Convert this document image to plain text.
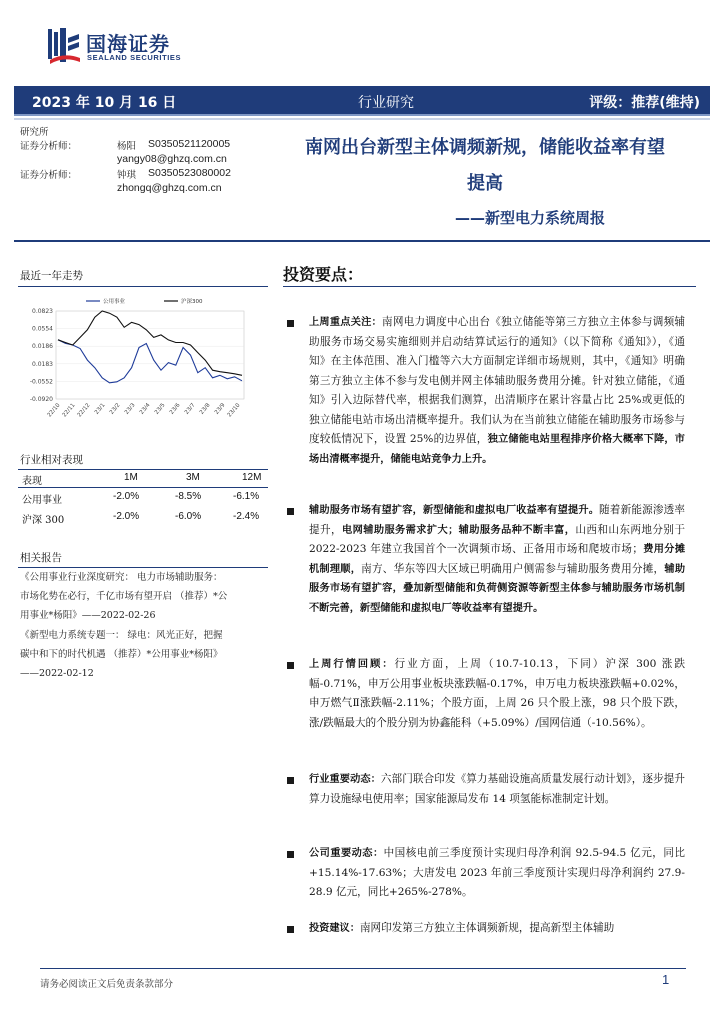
国海证券
SEALAND SECURITIES
2023 年 10 月 16 日	行业研究	评级：推荐(维持)
研究所
证券分析师：	杨阳 S0350521120005
yangy08@ghzq.com.cn
证券分析师：	钟琪 S0350523080002
zhongq@ghzq.com.cn
南网出台新型主体调频新规，储能收益率有望
提高
——新型电力系统周报
最近一年走势
0.0823
0.0554
0.0186
0.0183
-0.0552
-0.0920
22/10 22/11 22/12 23/1 23/2 23/3 23/4 23/5 23/6 23/7 23/8 23/9 23/10
公用事业	沪深300
行业相对表现
表现	1M	3M	12M
公用事业	-2.0%	-8.5%	-6.1%
沪深 300	-2.0%	-6.0%	-2.4%
相关报告
《公用事业行业深度研究： 电力市场辅助服务：
市场化势在必行，千亿市场有望开启 （推荐）*公
用事业*杨阳》——2022-02-26
《新型电力系统专题一： 绿电：风光正好，把握
碳中和下的时代机遇 （推荐）*公用事业*杨阳》
——2022-02-12
投资要点：
上周重点关注：南网电力调度中心出台《独立储能等第三方独立主体参与调频辅助服务市场交易实施细则并启动结算试运行的通知》（以下简称《通知》），《通知》在主体范围、准入门槛等六大方面制定详细市场规则，其中，《通知》明确第三方独立主体不参与发电侧并网主体辅助服务费用分摊。针对独立储能，《通知》引入边际替代率，根据我们测算，出清顺序在累计容量占比 25%或更低的独立储能电站市场出清概率提升。我们认为在当前独立储能在辅助服务市场参与度较低情况下，设置 25%的边界值，独立储能电站里程排序价格大概率下降，市场出清概率提升，储能电站竞争力上升。
辅助服务市场有望扩容，新型储能和虚拟电厂收益率有望提升。随着新能源渗透率提升，电网辅助服务需求扩大；辅助服务品种不断丰富，山西和山东两地分别于 2022-2023 年建立我国首个一次调频市场、正备用市场和爬坡市场；费用分摊机制理顺，南方、华东等四大区域已明确用户侧需参与辅助服务费用分摊，辅助服务市场有望扩容，叠加新型储能和负荷侧资源等新型主体参与辅助服务市场机制不断完善，新型储能和虚拟电厂等收益率有望提升。
上周行情回顾：行业方面，上周（10.7-10.13，下同）沪深 300 涨跌幅-0.71%，申万公用事业板块涨跌幅-0.17%，申万电力板块涨跌幅+0.02%，申万燃气Ⅱ涨跌幅-2.11%；个股方面，上周 26 只个股上涨，98 只个股下跌，涨/跌幅最大的个股分别为协鑫能科（+5.09%）/国网信通（-10.56%）。
行业重要动态：六部门联合印发《算力基础设施高质量发展行动计划》，逐步提升算力设施绿电使用率；国家能源局发布 14 项氢能标准制定计划。
公司重要动态：中国核电前三季度预计实现归母净利润 92.5-94.5 亿元，同比+15.14%-17.63%；大唐发电 2023 年前三季度预计实现归母净利润约 27.9-28.9 亿元，同比+265%-278%。
投资建议：南网印发第三方独立主体调频新规，提高新型主体辅助
请务必阅读正文后免责条款部分	1
